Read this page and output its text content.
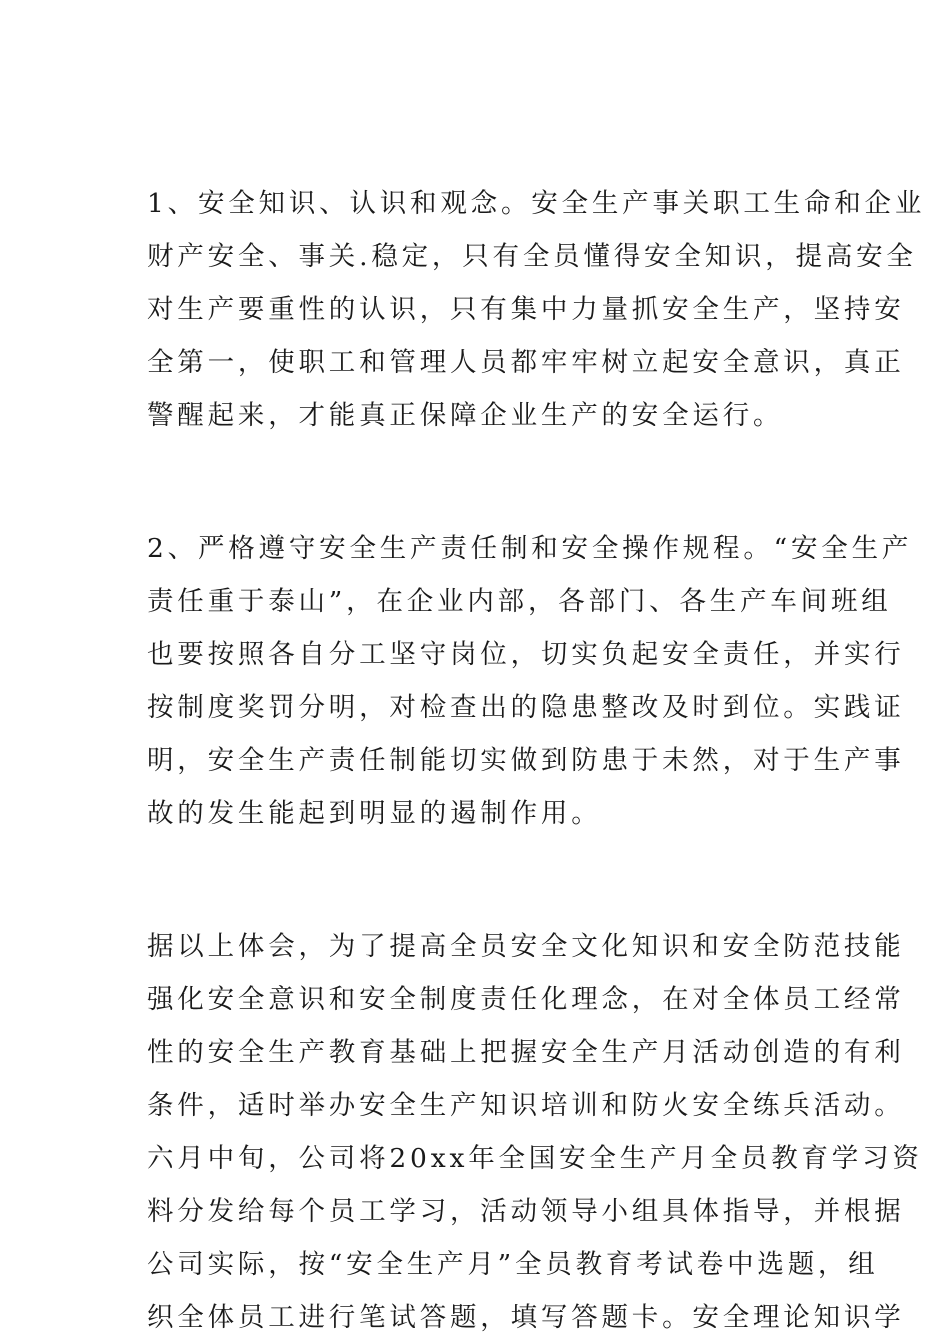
1、安全知识、认识和观念。安全生产事关职工生命和企业
财产安全、事关.稳定，只有全员懂得安全知识，提高安全
对生产要重性的认识，只有集中力量抓安全生产，坚持安
全第一，使职工和管理人员都牢牢树立起安全意识，真正
警醒起来，才能真正保障企业生产的安全运行。

2、严格遵守安全生产责任制和安全操作规程。“安全生产
责任重于泰山”，在企业内部，各部门、各生产车间班组
也要按照各自分工坚守岗位，切实负起安全责任，并实行
按制度奖罚分明，对检查出的隐患整改及时到位。实践证
明，安全生产责任制能切实做到防患于未然，对于生产事
故的发生能起到明显的遏制作用。

据以上体会，为了提高全员安全文化知识和安全防范技能
强化安全意识和安全制度责任化理念，在对全体员工经常
性的安全生产教育基础上把握安全生产月活动创造的有利
条件，适时举办安全生产知识培训和防火安全练兵活动。
六月中旬，公司将20xx年全国安全生产月全员教育学习资
料分发给每个员工学习，活动领导小组具体指导，并根据
公司实际，按“安全生产月”全员教育考试卷中选题，组
织全体员工进行笔试答题，填写答题卡。安全理论知识学
